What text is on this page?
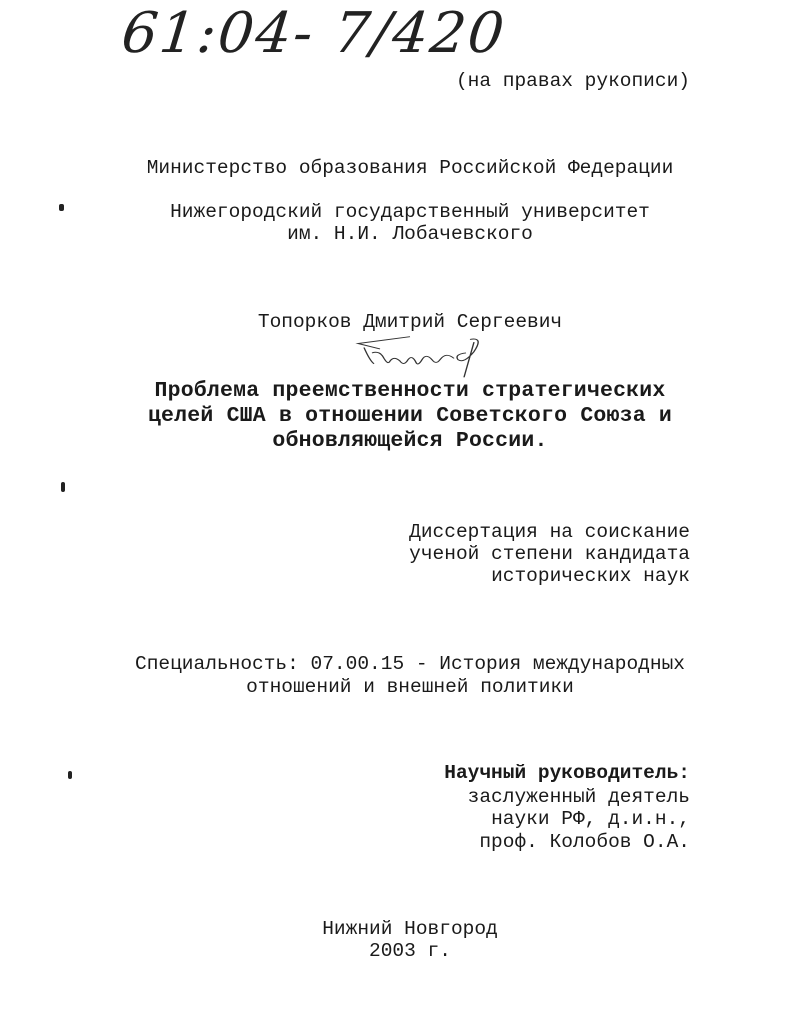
61:04- 7/420
(на правах рукописи)
Министерство образования Российской Федерации
Нижегородский государственный университет
им. Н.И. Лобачевского
Топорков Дмитрий Сергеевич
Проблема преемственности стратегических
целей США в отношении Советского Союза и
обновляющейся России.
Диссертация на соискание
ученой степени кандидата
исторических наук
Специальность: 07.00.15 - История международных
отношений и внешней политики
Научный руководитель:
заслуженный деятель
науки РФ, д.и.н.,
проф. Колобов О.А.
Нижний Новгород
2003 г.
